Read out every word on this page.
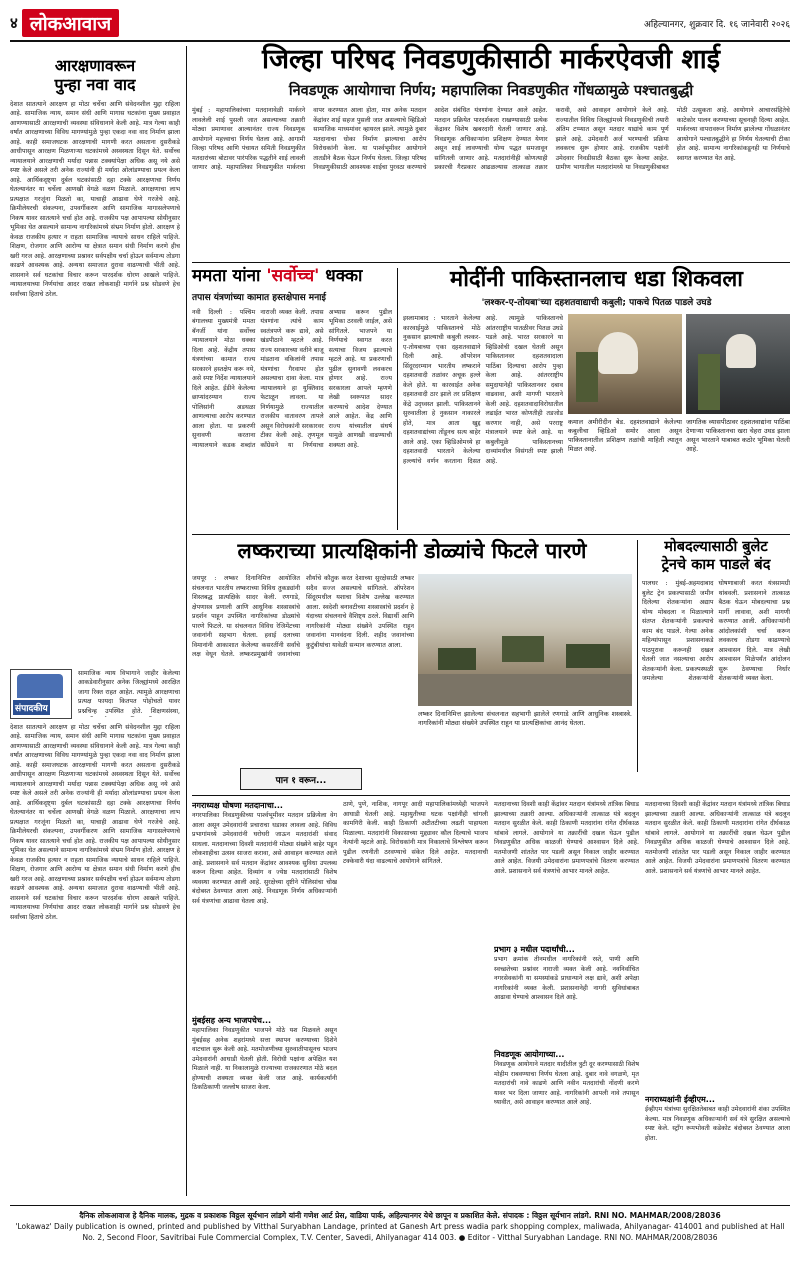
४ लोकआवाज	अहिल्यानगर, शुक्रवार दि. १६ जानेवारी २०२६
आरक्षणावरून
पुन्हा नवा वाद
देशात सातत्याने आरक्षण हा मोठा चर्चेचा आणि संवेदनशील मुद्दा राहिला आहे. सामाजिक न्याय, समान संधी आणि मागास घटकांना मुख्य प्रवाहात आणण्यासाठी आरक्षणाची व्यवस्था संविधानाने केली आहे. मात्र गेल्या काही वर्षांत आरक्षणाच्या विविध मागण्यांमुळे पुन्हा एकदा नवा वाद निर्माण झाला आहे. काही समाजघटक आरक्षणाची मागणी करत असताना दुसरीकडे आधीपासून आरक्षण मिळणाऱ्या घटकांमध्ये अस्वस्थता दिसून येते. सर्वोच्च न्यायालयाने आरक्षणाची मर्यादा पन्नास टक्क्यांपेक्षा अधिक असू नये असे स्पष्ट केले असले तरी अनेक राज्यांनी ही मर्यादा ओलांडण्याचा प्रयत्न केला आहे. आर्थिकदृष्ट्या दुर्बल घटकांसाठी दहा टक्के आरक्षणाचा निर्णय घेतल्यानंतर या चर्चेला आणखी वेगळे वळण मिळाले. आरक्षणाचा लाभ प्रत्यक्षात गरजूंना मिळतो का, याचाही आढावा घेणे गरजेचे आहे. क्रिमीलेयरची संकल्पना, उपवर्गीकरण आणि सामाजिक मागासलेपणाचे निकष यावर सातत्याने चर्चा होत आहे. राजकीय पक्ष आपापल्या सोयीनुसार भूमिका घेत असल्याने सामान्य नागरिकांमध्ये संभ्रम निर्माण होतो. आरक्षण हे केवळ राजकीय हत्यार न राहता सामाजिक न्यायाचे साधन राहिले पाहिजे. शिक्षण, रोजगार आणि आरोग्य या क्षेत्रात समान संधी निर्माण करणे हीच खरी गरज आहे. आरक्षणाच्या प्रश्नावर सर्वपक्षीय चर्चा होऊन सर्वमान्य तोडगा काढणे आवश्यक आहे. अन्यथा समाजात दुरावा वाढण्याची भीती आहे. शासनाने सर्व घटकांचा विचार करून पारदर्शक धोरण आखले पाहिजे. न्यायालयाच्या निर्णयांचा आदर राखत लोकशाही मार्गाने प्रश्न सोडवणे हेच सर्वांच्या हिताचे ठरेल.
संपादकीय
सामाजिक न्याय विभागाने जाहीर केलेल्या आकडेवारीनुसार अनेक जिल्ह्यांमध्ये आरक्षित जागा रिक्त राहत आहेत. त्यामुळे आरक्षणाचा प्रत्यक्ष फायदा कितपत पोहोचतो यावर प्रश्नचिन्ह उपस्थित होते. शिक्षणसंस्था,
देशात सातत्याने आरक्षण हा मोठा चर्चेचा आणि संवेदनशील मुद्दा राहिला आहे. सामाजिक न्याय, समान संधी आणि मागास घटकांना मुख्य प्रवाहात आणण्यासाठी आरक्षणाची व्यवस्था संविधानाने केली आहे. मात्र गेल्या काही वर्षांत आरक्षणाच्या विविध मागण्यांमुळे पुन्हा एकदा नवा वाद निर्माण झाला आहे. काही समाजघटक आरक्षणाची मागणी करत असताना दुसरीकडे आधीपासून आरक्षण मिळणाऱ्या घटकांमध्ये अस्वस्थता दिसून येते. सर्वोच्च न्यायालयाने आरक्षणाची मर्यादा पन्नास टक्क्यांपेक्षा अधिक असू नये असे स्पष्ट केले असले तरी अनेक राज्यांनी ही मर्यादा ओलांडण्याचा प्रयत्न केला आहे. आर्थिकदृष्ट्या दुर्बल घटकांसाठी दहा टक्के आरक्षणाचा निर्णय घेतल्यानंतर या चर्चेला आणखी वेगळे वळण मिळाले. आरक्षणाचा लाभ प्रत्यक्षात गरजूंना मिळतो का, याचाही आढावा घेणे गरजेचे आहे. क्रिमीलेयरची संकल्पना, उपवर्गीकरण आणि सामाजिक मागासलेपणाचे निकष यावर सातत्याने चर्चा होत आहे. राजकीय पक्ष आपापल्या सोयीनुसार भूमिका घेत असल्याने सामान्य नागरिकांमध्ये संभ्रम निर्माण होतो. आरक्षण हे केवळ राजकीय हत्यार न राहता सामाजिक न्यायाचे साधन राहिले पाहिजे. शिक्षण, रोजगार आणि आरोग्य या क्षेत्रात समान संधी निर्माण करणे हीच खरी गरज आहे. आरक्षणाच्या प्रश्नावर सर्वपक्षीय चर्चा होऊन सर्वमान्य तोडगा काढणे आवश्यक आहे. अन्यथा समाजात दुरावा वाढण्याची भीती आहे. शासनाने सर्व घटकांचा विचार करून पारदर्शक धोरण आखले पाहिजे. न्यायालयाच्या निर्णयांचा आदर राखत लोकशाही मार्गाने प्रश्न सोडवणे हेच सर्वांच्या हिताचे ठरेल.
जिल्हा परिषद निवडणुकीसाठी मार्करऐवजी शाई
निवडणूक आयोगाचा निर्णय; महापालिका निवडणुकीत गोंधळामुळे पश्चातबुद्धी
मुंबई : महापालिकांच्या मतदानावेळी मार्करने लावलेली शाई पुसली जात असल्याच्या तक्रारी मोठ्या प्रमाणावर आल्यानंतर राज्य निवडणूक आयोगाने महत्त्वाचा निर्णय घेतला आहे. आगामी जिल्हा परिषद आणि पंचायत समिती निवडणुकीत मतदारांच्या बोटावर पारंपरिक पद्धतीने शाई लावली जाणार आहे. महापालिका निवडणुकीत मार्करचा वापर करण्यात आला होता, मात्र अनेक मतदान केंद्रांवर शाई सहज पुसली जात असल्याचे व्हिडिओ सामाजिक माध्यमांवर व्हायरल झाले. त्यामुळे दुबार मतदानाचा धोका निर्माण झाल्याचा आरोप विरोधकांनी केला. या पार्श्वभूमीवर आयोगाने तातडीने बैठक घेऊन निर्णय घेतला. जिल्हा परिषद निवडणुकीसाठी आवश्यक शाईचा पुरवठा करण्याचे आदेश संबंधित यंत्रणांना देण्यात आले आहेत. मतदान प्रक्रियेत पारदर्शकता राखण्यासाठी प्रत्येक केंद्रावर विशेष खबरदारी घेतली जाणार आहे. निवडणूक अधिकाऱ्यांना प्रशिक्षण देण्यात येणार असून शाई लावण्याची योग्य पद्धत समजावून सांगितली जाणार आहे. मतदारांनीही कोणत्याही प्रकारची गैरप्रकार आढळल्यास तात्काळ तक्रार करावी, असे आवाहन आयोगाने केले आहे. राज्यातील विविध जिल्ह्यांमध्ये निवडणुकीची तयारी अंतिम टप्प्यात असून मतदार याद्यांचे काम पूर्ण झाले आहे. उमेदवारी अर्ज भरण्याची प्रक्रिया लवकरच सुरू होणार आहे. राजकीय पक्षांनी उमेदवार निवडीसाठी बैठका सुरू केल्या आहेत. ग्रामीण भागातील मतदारांमध्ये या निवडणुकीबाबत मोठी उत्सुकता आहे. आयोगाने आचारसंहितेचे काटेकोर पालन करण्याच्या सूचनाही दिल्या आहेत. मार्करच्या वापरावरून निर्माण झालेल्या गोंधळानंतर आयोगाने पश्चातबुद्धीने हा निर्णय घेतल्याची टीका होत आहे. सामान्य नागरिकांकडूनही या निर्णयाचे स्वागत करण्यात येत आहे.
ममता यांना 'सर्वोच्च' धक्का
तपास यंत्रणांच्या कामात हस्तक्षेपास मनाई
नवी दिल्ली : पश्चिम बंगालच्या मुख्यमंत्री ममता बॅनर्जी यांना सर्वोच्च न्यायालयाने मोठा धक्का दिला आहे. केंद्रीय तपास यंत्रणांच्या कामात राज्य सरकारने हस्तक्षेप करू नये, असे स्पष्ट निर्देश न्यायालयाने दिले आहेत. ईडीने केलेल्या छाप्यांदरम्यान राज्य पोलिसांनी अडथळा आणल्याचा आरोप करण्यात आला होता. या प्रकरणी सुनावणी करताना न्यायालयाने कडक शब्दांत नाराजी व्यक्त केली. तपास यंत्रणांना त्यांचे काम स्वतंत्रपणे करू द्यावे, असे खंडपीठाने म्हटले आहे. राज्य सरकारच्या वतीने बाजू मांडताना वकिलांनी तपास यंत्रणांचा गैरवापर होत असल्याचा दावा केला. मात्र न्यायालयाने हा युक्तिवाद फेटाळून लावला. या निर्णयामुळे राज्यातील राजकीय वातावरण तापले असून विरोधकांनी सरकारवर टीका केली आहे. तृणमूल काँग्रेसने या निर्णयाचा अभ्यास करून पुढील भूमिका ठरवली जाईल, असे सांगितले. भाजपने या निर्णयाचे स्वागत करत सत्याचा विजय झाल्याचे म्हटले आहे. या प्रकरणाची पुढील सुनावणी लवकरच होणार आहे. राज्य सरकारला आपले म्हणणे लेखी स्वरूपात सादर करण्याचे आदेश देण्यात आले आहेत. केंद्र आणि राज्य यांच्यातील संघर्ष यामुळे आणखी वाढण्याची शक्यता आहे.
मोदींनी पाकिस्तानलाच धडा शिकवला
'लश्कर-ए-तोयबा'च्या दहशतवाद्याची कबुली; पाकचे पितळ पाडले उघडे
इस्लामाबाद : भारताने केलेल्या कारवाईमुळे पाकिस्तानचे मोठे नुकसान झाल्याची कबुली लश्कर-ए-तोयबाच्या एका दहशतवाद्याने दिली आहे. ऑपरेशन सिंदूरदरम्यान भारतीय लष्कराने दहशतवादी तळांवर अचूक हल्ले केले होते. या कारवाईत अनेक दहशतवादी ठार झाले तर प्रशिक्षण केंद्रे उद्ध्वस्त झाली. पाकिस्तानने सुरुवातीला हे नुकसान नाकारले होते, मात्र आता खुद्द दहशतवाद्यांच्या तोंडूनच सत्य बाहेर आले आहे. एका व्हिडिओमध्ये हा दहशतवादी भारताने केलेल्या हल्ल्यांचे वर्णन करताना दिसत आहे. त्यामुळे पाकिस्तानचे आंतरराष्ट्रीय पातळीवर पितळ उघडे पडले आहे. भारत सरकारने या व्हिडिओची दखल घेतली असून पाकिस्तानवर दहशतवादाला पाठिंबा दिल्याचा आरोप पुन्हा केला आहे. आंतरराष्ट्रीय समुदायानेही पाकिस्तानवर दबाव वाढवावा, अशी मागणी भारताने केली आहे. दहशतवादाविरोधातील लढाईत भारत कोणतीही तडजोड करणार नाही, असे परराष्ट्र मंत्रालयाने स्पष्ट केले आहे. या कबुलीमुळे पाकिस्तानच्या दाव्यांमधील विसंगती स्पष्ट झाली आहे.
कमाल अमीरीदीन बेड. दहशतवाद्याने केलेल्या कबुलीचा व्हिडिओ समोर आला असून पाकिस्तानातील प्रशिक्षण तळांची माहिती त्यातून मिळत आहे.
जागतिक व्यासपीठावर दहशतवाद्यांना पाठिंबा देणाऱ्या पाकिस्तानचा खरा चेहरा उघड झाला असून भारताने याबाबत कठोर भूमिका घेतली आहे.
लष्कराच्या प्रात्यक्षिकांनी डोळ्यांचे फिटले पारणे
जयपूर : लष्कर दिनानिमित्त आयोजित संचलनात भारतीय लष्कराच्या विविध तुकड्यांनी शिस्तबद्ध प्रात्यक्षिके सादर केली. रणगाडे, क्षेपणास्त्र प्रणाली आणि आधुनिक शस्त्रास्त्रांचे प्रदर्शन पाहून उपस्थित नागरिकांच्या डोळ्यांचे पारणे फिटले. या संचलनात विविध रेजिमेंटच्या जवानांनी सहभाग घेतला. हवाई दलाच्या विमानांनी आकाशात केलेल्या कसरतींनी सर्वांचे लक्ष वेधून घेतले. लष्करप्रमुखांनी जवानांच्या शौर्याचे कौतुक करत देशाच्या सुरक्षेसाठी लष्कर सदैव सज्ज असल्याचे सांगितले. ऑपरेशन सिंदूरमधील यशाचा विशेष उल्लेख करण्यात आला. स्वदेशी बनावटीच्या शस्त्रास्त्रांचे प्रदर्शन हे यंदाच्या संचलनाचे वैशिष्ट्य ठरले. विद्यार्थी आणि नागरिकांनी मोठ्या संख्येने उपस्थित राहून जवानांना मानवंदना दिली. शहीद जवानांच्या कुटुंबीयांचा यावेळी सन्मान करण्यात आला.
लष्कर दिनानिमित्त झालेल्या संचलनात सहभागी झालेले रणगाडे आणि आधुनिक शस्त्रास्त्रे. नागरिकांनी मोठ्या संख्येने उपस्थित राहून या प्रात्यक्षिकांचा आनंद घेतला.
मोबदल्यासाठी बुलेट
ट्रेनचे काम पाडले बंद
पालघर : मुंबई-अहमदाबाद बुलेट ट्रेन प्रकल्पासाठी जमीन दिलेल्या शेतकऱ्यांना अद्याप योग्य मोबदला न मिळाल्याने संतप्त शेतकऱ्यांनी प्रकल्पाचे काम बंद पाडले. गेल्या अनेक महिन्यांपासून प्रशासनाकडे पाठपुरावा करूनही दखल घेतली जात नसल्याचा आरोप शेतकऱ्यांनी केला. प्रकल्पस्थळी जमलेल्या शेतकऱ्यांनी घोषणाबाजी करत यंत्रसामग्री थांबवली. प्रशासनाने तात्काळ बैठक घेऊन मोबदल्याचा प्रश्न मार्गी लावावा, अशी मागणी करण्यात आली. अधिकाऱ्यांनी आंदोलकांशी चर्चा करून लवकरच तोडगा काढण्याचे आश्वासन दिले. मात्र लेखी आश्वासन मिळेपर्यंत आंदोलन सुरू ठेवण्याचा निर्धार शेतकऱ्यांनी व्यक्त केला.
पान १ वरून...
नगराध्यक्ष घोषणा मतदानाचा...
नगरपालिका निवडणुकीच्या पार्श्वभूमीवर मतदान प्रक्रियेला वेग आला असून उमेदवारांनी प्रचाराचा धडाका लावला आहे. विविध प्रभागांमध्ये उमेदवारांनी घरोघरी जाऊन मतदारांशी संवाद साधला. मतदानाच्या दिवशी मतदारांनी मोठ्या संख्येने बाहेर पडून लोकशाहीचा उत्सव साजरा करावा, असे आवाहन करण्यात आले आहे. प्रशासनाने सर्व मतदान केंद्रांवर आवश्यक सुविधा उपलब्ध करून दिल्या आहेत. दिव्यांग व ज्येष्ठ मतदारांसाठी विशेष व्यवस्था करण्यात आली आहे. सुरक्षेच्या दृष्टीने पोलिसांचा चोख बंदोबस्त ठेवण्यात आला आहे. निवडणूक निर्णय अधिकाऱ्यांनी सर्व यंत्रणांचा आढावा घेतला आहे.
मुंबईसह अन्य भाजपचेच...
महापालिका निवडणुकीत भाजपने मोठे यश मिळवले असून मुंबईसह अनेक शहरांमध्ये सत्ता स्थापन करण्याच्या दिशेने वाटचाल सुरू केली आहे. मतमोजणीच्या सुरुवातीपासूनच भाजप उमेदवारांनी आघाडी घेतली होती. विरोधी पक्षांना अपेक्षित यश मिळाले नाही. या निकालामुळे राज्याच्या राजकारणात मोठे बदल होण्याची शक्यता व्यक्त केली जात आहे. कार्यकर्त्यांनी ठिकठिकाणी जल्लोष साजरा केला.
ठाणे, पुणे, नाशिक, नागपूर आदी महापालिकांमध्येही भाजपने आघाडी घेतली आहे. महायुतीच्या घटक पक्षांनीही चांगली कामगिरी केली. काही ठिकाणी अटीतटीच्या लढती पाहायला मिळाल्या. मतदारांनी विकासाच्या मुद्द्यावर कौल दिल्याचे भाजप नेत्यांनी म्हटले आहे. विरोधकांनी मात्र निकालाचे विश्लेषण करून पुढील रणनीती ठरवण्याचे संकेत दिले आहेत. मतदानाची टक्केवारी यंदा वाढल्याचे आयोगाने सांगितले.
मतदानाच्या दिवशी काही केंद्रांवर मतदान यंत्रांमध्ये तांत्रिक बिघाड झाल्याच्या तक्रारी आल्या. अधिकाऱ्यांनी तात्काळ यंत्रे बदलून मतदान सुरळीत केले. काही ठिकाणी मतदारांना रांगेत दीर्घकाळ थांबावे लागले. आयोगाने या तक्रारींची दखल घेऊन पुढील निवडणुकीत अधिक काळजी घेण्याचे आश्वासन दिले आहे. मतमोजणी शांततेत पार पडली असून निकाल जाहीर करण्यात आले आहेत. विजयी उमेदवारांना प्रमाणपत्रांचे वितरण करण्यात आले. प्रशासनाने सर्व यंत्रणांचे आभार मानले आहेत.
प्रभाग ३ मधील पदार्थांची...
प्रभाग क्रमांक तीनमधील नागरिकांनी रस्ते, पाणी आणि स्वच्छतेच्या प्रश्नांवर नाराजी व्यक्त केली आहे. नवनिर्वाचित नगरसेवकांनी या समस्यांकडे प्राधान्याने लक्ष द्यावे, अशी अपेक्षा नागरिकांनी व्यक्त केली. प्रशासनानेही नागरी सुविधांबाबत आढावा घेण्याचे आश्वासन दिले आहे.
निवडणूक आयोगाच्या...
निवडणूक आयोगाने मतदार यादीतील त्रुटी दूर करण्यासाठी विशेष मोहीम राबवण्याचा निर्णय घेतला आहे. दुबार नावे वगळणे, मृत मतदारांची नावे काढणे आणि नवीन मतदारांची नोंदणी करणे यावर भर दिला जाणार आहे. नागरिकांनी आपली नावे तपासून घ्यावीत, असे आवाहन करण्यात आले आहे.
मतदानाच्या दिवशी काही केंद्रांवर मतदान यंत्रांमध्ये तांत्रिक बिघाड झाल्याच्या तक्रारी आल्या. अधिकाऱ्यांनी तात्काळ यंत्रे बदलून मतदान सुरळीत केले. काही ठिकाणी मतदारांना रांगेत दीर्घकाळ थांबावे लागले. आयोगाने या तक्रारींची दखल घेऊन पुढील निवडणुकीत अधिक काळजी घेण्याचे आश्वासन दिले आहे. मतमोजणी शांततेत पार पडली असून निकाल जाहीर करण्यात आले आहेत. विजयी उमेदवारांना प्रमाणपत्रांचे वितरण करण्यात आले. प्रशासनाने सर्व यंत्रणांचे आभार मानले आहेत.
नगराध्यक्षांनी ईव्हीएम...
ईव्हीएम यंत्रांच्या सुरक्षिततेबाबत काही उमेदवारांनी शंका उपस्थित केल्या. मात्र निवडणूक अधिकाऱ्यांनी सर्व यंत्रे सुरक्षित असल्याचे स्पष्ट केले. स्ट्राँग रूमभोवती कडेकोट बंदोबस्त ठेवण्यात आला होता.
दैनिक लोकआवाज हे दैनिक मालक, मुद्रक व प्रकाशक विठ्ठल सूर्यभान लांडगे यांनी गणेश आर्ट प्रेस, वाडिया पार्क, अहिल्यानगर येथे छापून व प्रकाशित केले. संपादक : विठ्ठल सूर्यभान लांडगे. RNI NO. MAHMAR/2008/28036
'Lokawaz' Daily publication is owned, printed and published by Vitthal Suryabhan Landage, printed at Ganesh Art press wadia park shopping complex, maliwada, Ahilyanagar- 414001 and published at Hall No. 2, Second Floor, Savitribai Fule Commercial Complex, T.V. Center, Savedi, Ahilyanagar 414 003. ● Editor - Vitthal Suryabhan Landage. RNI NO. MAHMAR/2008/28036
